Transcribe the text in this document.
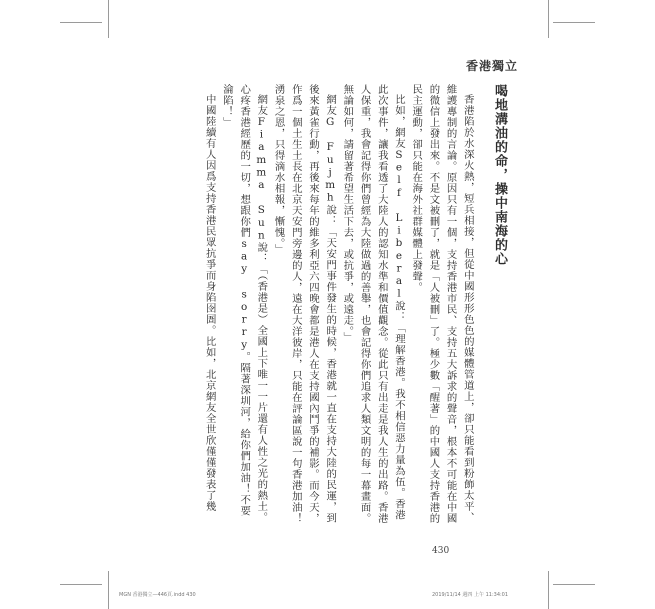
香港獨立
喝地溝油的命，操中南海的心

香港陷於水深火熱，短兵相接，但從中國形形色色的媒體管道上，卻只能看到粉飾太平、維護專制的言論。原因只有一個，支持香港市民、支持五大訴求的聲音，根本不可能在中國的微信上發出來。不是文被刪了，就是「人被刪」了。極少數「醒著」的中國人支持香港的民主運動，卻只能在海外社群媒體上發聲。

比如，網友Self Liberal說：「理解香港。我不相信惡力量為伍。香港此次事件，讓我看透了大陸人的認知水準和價值觀念。從此只有出走是我人生的出路。香港人保重，我會記得你們曾經為大陸做過的善舉，也會記得你們追求人類文明的每一幕畫面。無論如何，請留著希望生活下去，或抗爭，或遠走。」

網友G Fujmh說：「天安門事件發生的時候，香港就一直在支持大陸的民運，到後來黃雀行動，再後來每年的維多利亞六四晚會都是港人在支持國內鬥爭的補影。而今天，作爲一個土生土長在北京天安門旁邊的人，遠在大洋彼岸，只能在評論區說一句香港加油！湧泉之恩，只得滴水相報，慚愧。」

網友Fiamma Sun說：「（香港是）全國上下唯一一片還有人性之光的熱土。心疼香港經歷的一切，想跟你們say sorry。隔著深圳河，給你們加油！不要淪陷！」

中國陸續有人因爲支持香港民眾抗爭而身陷囹圄。比如，北京網友全世欣僅僅發表了幾

430
MGN 香港獨立—446頁.indd 430	2019/11/14 週四 上午 11:34:01
